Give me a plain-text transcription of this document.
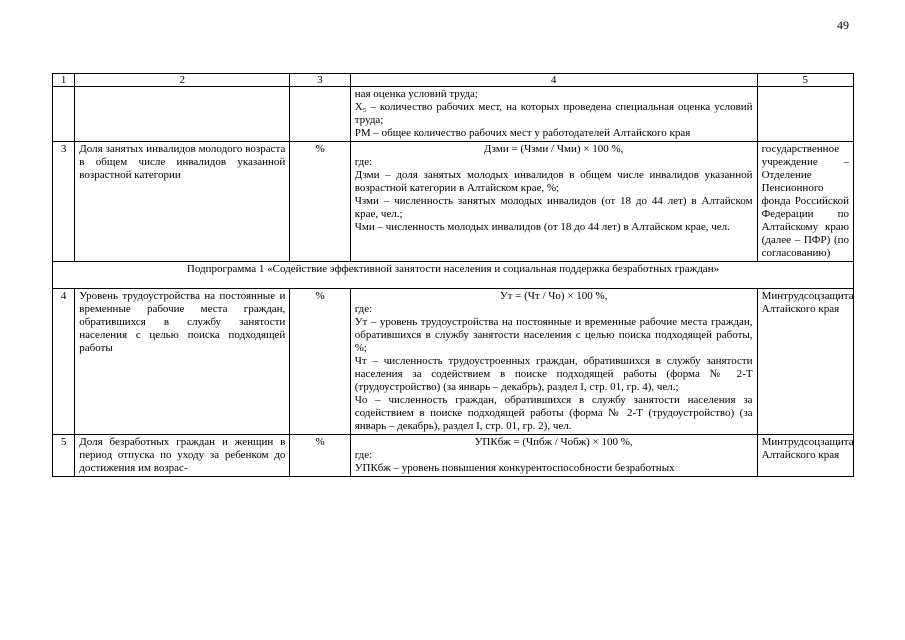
49
1	2	3	4	5

			ная оценка условий труда;
Х₅ – количество рабочих мест, на которых проведена специальная оценка условий труда;
РМ – общее количество рабочих мест у работодателей Алтайского края	

3	Доля занятых инвалидов молодого возраста в общем числе инвалидов указанной возрастной категории	%	Дзми = (Чзми / Чми) × 100 %,
где:
Дзми – доля занятых молодых инвалидов в общем числе инвалидов указанной возрастной категории в Алтайском крае, %;
Чзми – численность занятых молодых инвалидов (от 18 до 44 лет) в Алтайском крае, чел.;
Чми – численность молодых инвалидов (от 18 до 44 лет) в Алтайском крае, чел.	государственное учреждение – Отделение Пенсионного фонда Российской Федерации по Алтайскому краю (далее – ПФР) (по согласованию)
Подпрограмма 1 «Содействие эффективной занятости населения и социальная поддержка безработных граждан»				
4	Уровень трудоустройства на постоянные и временные рабочие места граждан, обратившихся в службу занятости населения с целью поиска подходящей работы	%	Ут = (Чт / Чо) × 100 %,
где:
Ут – уровень трудоустройства на постоянные и временные рабочие места граждан, обратившихся в службу занятости населения с целью поиска подходящей работы, %;
Чт – численность трудоустроенных граждан, обратившихся в службу занятости населения за содействием в поиске подходящей работы (форма № 2-Т (трудоустройство) (за январь – декабрь), раздел I, стр. 01, гр. 4), чел.;
Чо – численность граждан, обратившихся в службу занятости населения за содействием в поиске подходящей работы (форма № 2-Т (трудоустройство) (за январь – декабрь), раздел I, стр. 01, гр. 2), чел.	Минтрудсоцзащита Алтайского края
5	Доля безработных граждан и женщин в период отпуска по уходу за ребенком до достижения им возрас-	%	УПКбж = (Чпбж / Чобж) × 100 %,
где:
УПКбж – уровень повышения конкурентоспособности безработных	Минтрудсоцзащита Алтайского края
